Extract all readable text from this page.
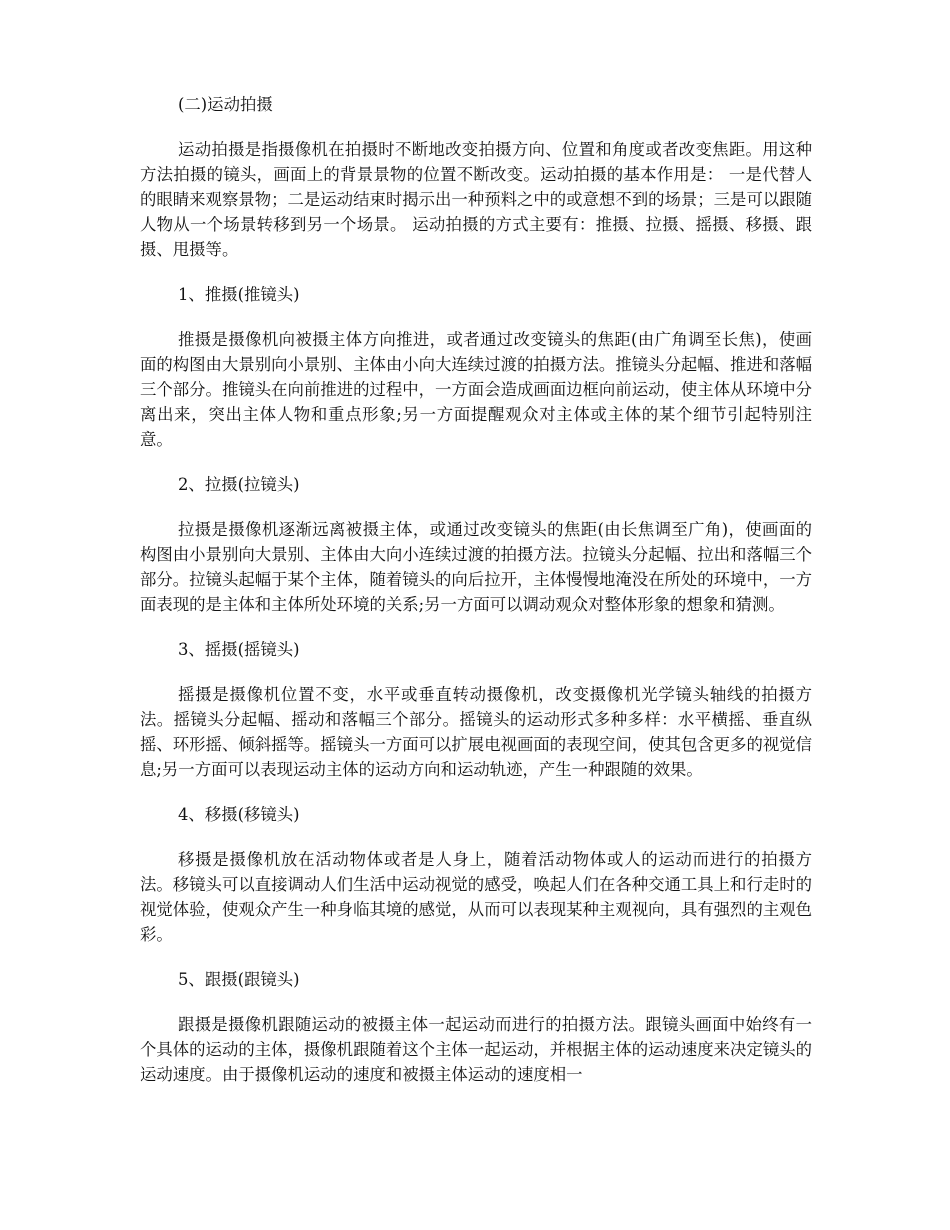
(二)运动拍摄

运动拍摄是指摄像机在拍摄时不断地改变拍摄方向、位置和角度或者改变焦距。用这种方法拍摄的镜头，画面上的背景景物的位置不断改变。运动拍摄的基本作用是： 一是代替人的眼睛来观察景物；二是运动结束时揭示出一种预料之中的或意想不到的场景；三是可以跟随人物从一个场景转移到另一个场景。 运动拍摄的方式主要有：推摄、拉摄、摇摄、移摄、跟摄、甩摄等。

1、推摄(推镜头)

推摄是摄像机向被摄主体方向推进，或者通过改变镜头的焦距(由广角调至长焦)，使画面的构图由大景别向小景别、主体由小向大连续过渡的拍摄方法。推镜头分起幅、推进和落幅三个部分。推镜头在向前推进的过程中，一方面会造成画面边框向前运动，使主体从环境中分离出来，突出主体人物和重点形象;另一方面提醒观众对主体或主体的某个细节引起特别注意。

2、拉摄(拉镜头)

拉摄是摄像机逐渐远离被摄主体，或通过改变镜头的焦距(由长焦调至广角)，使画面的构图由小景别向大景别、主体由大向小连续过渡的拍摄方法。拉镜头分起幅、拉出和落幅三个部分。拉镜头起幅于某个主体，随着镜头的向后拉开，主体慢慢地淹没在所处的环境中，一方面表现的是主体和主体所处环境的关系;另一方面可以调动观众对整体形象的想象和猜测。

3、摇摄(摇镜头)

摇摄是摄像机位置不变，水平或垂直转动摄像机，改变摄像机光学镜头轴线的拍摄方法。摇镜头分起幅、摇动和落幅三个部分。摇镜头的运动形式多种多样：水平横摇、垂直纵摇、环形摇、倾斜摇等。摇镜头一方面可以扩展电视画面的表现空间，使其包含更多的视觉信息;另一方面可以表现运动主体的运动方向和运动轨迹，产生一种跟随的效果。

4、移摄(移镜头)

移摄是摄像机放在活动物体或者是人身上，随着活动物体或人的运动而进行的拍摄方法。移镜头可以直接调动人们生活中运动视觉的感受，唤起人们在各种交通工具上和行走时的视觉体验，使观众产生一种身临其境的感觉，从而可以表现某种主观视向，具有强烈的主观色彩。

5、跟摄(跟镜头)

跟摄是摄像机跟随运动的被摄主体一起运动而进行的拍摄方法。跟镜头画面中始终有一个具体的运动的主体，摄像机跟随着这个主体一起运动，并根据主体的运动速度来决定镜头的运动速度。由于摄像机运动的速度和被摄主体运动的速度相一
